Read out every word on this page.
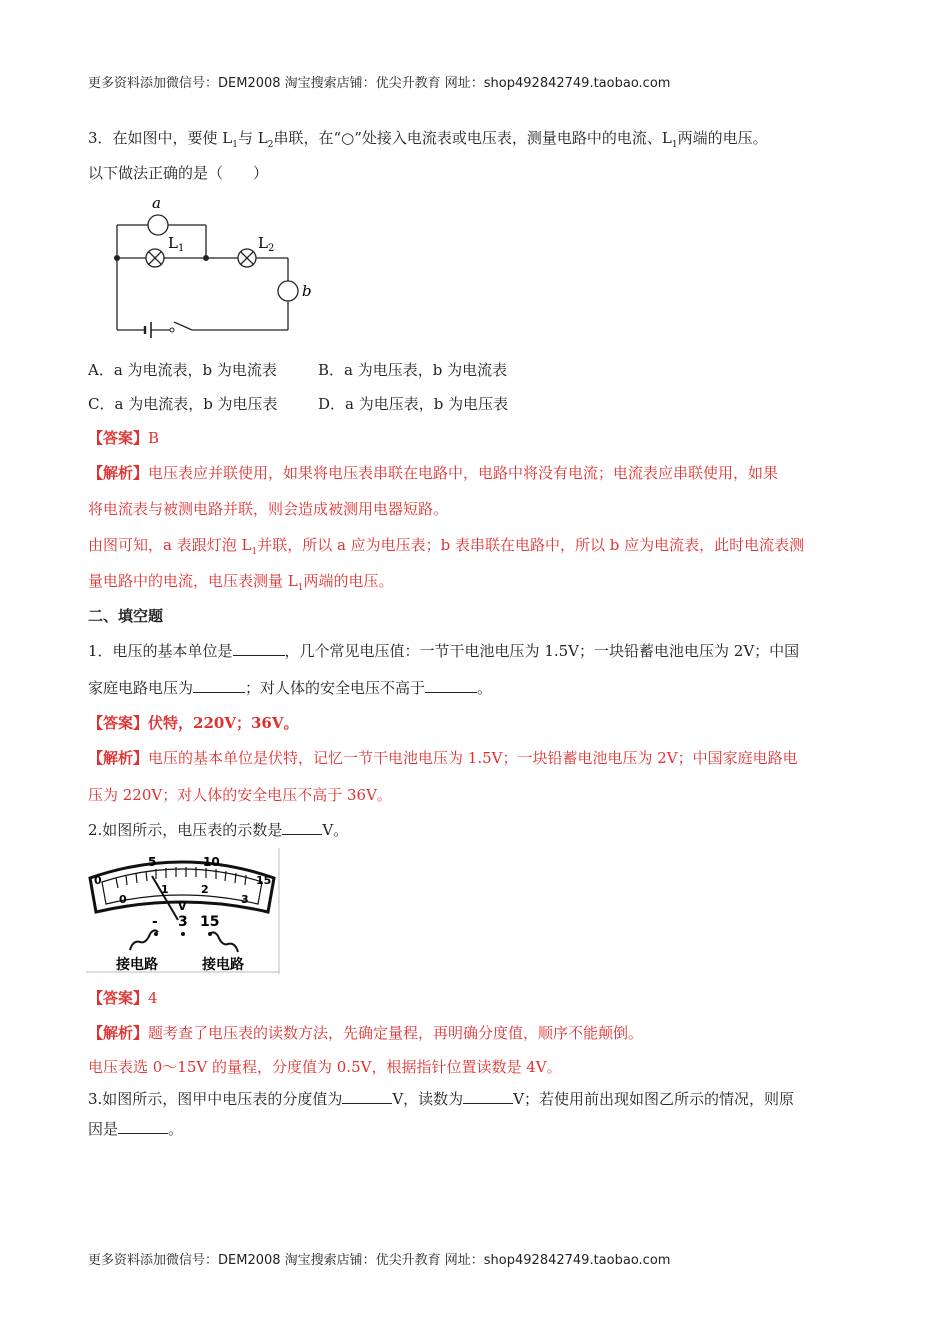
更多资料添加微信号：DEM2008 淘宝搜索店铺：优尖升教育 网址：shop492842749.taobao.com
3．在如图中，要使 $L_1$与 $L_2$串联，在“○”处接入电流表或电压表，测量电路中的电流、$L_1$两端的电压。
以下做法正确的是（　　）
a
$L_1$	$L_2$
b
A．a 为电流表，b 为电流表	B．a 为电压表，b 为电流表
C．a 为电流表，b 为电压表	D．a 为电压表，b 为电压表
【答案】B
【解析】电压表应并联使用，如果将电压表串联在电路中，电路中将没有电流；电流表应串联使用，如果
将电流表与被测电路并联，则会造成被测用电器短路。
由图可知，a 表跟灯泡 $L_1$并联，所以 a 应为电压表；b 表串联在电路中，所以 b 应为电流表，此时电流表测
量电路中的电流，电压表测量 $L_1$两端的电压。
二、填空题
1．电压的基本单位是	，几个常见电压值：一节干电池电压为 1.5V；一块铅蓄电池电压为 2V；中国
家庭电路电压为	；对人体的安全电压不高于	。
【答案】伏特，220V；36V。
【解析】电压的基本单位是伏特，记忆一节干电池电压为 1.5V；一块铅蓄电池电压为 2V；中国家庭电路电
压为 220V；对人体的安全电压不高于 36V。
2.如图所示，电压表的示数是	V。
5	10
15
0
0
1	2
3
V
- 3 15
接电路	接电路
【答案】4
【解析】题考查了电压表的读数方法，先确定量程，再明确分度值，顺序不能颠倒。
电压表选 0～15V 的量程，分度值为 0.5V，根据指针位置读数是 4V。
3.如图所示，图甲中电压表的分度值为	V，读数为	V；若使用前出现如图乙所示的情况，则原
因是	。
更多资料添加微信号：DEM2008 淘宝搜索店铺：优尖升教育 网址：shop492842749.taobao.com
